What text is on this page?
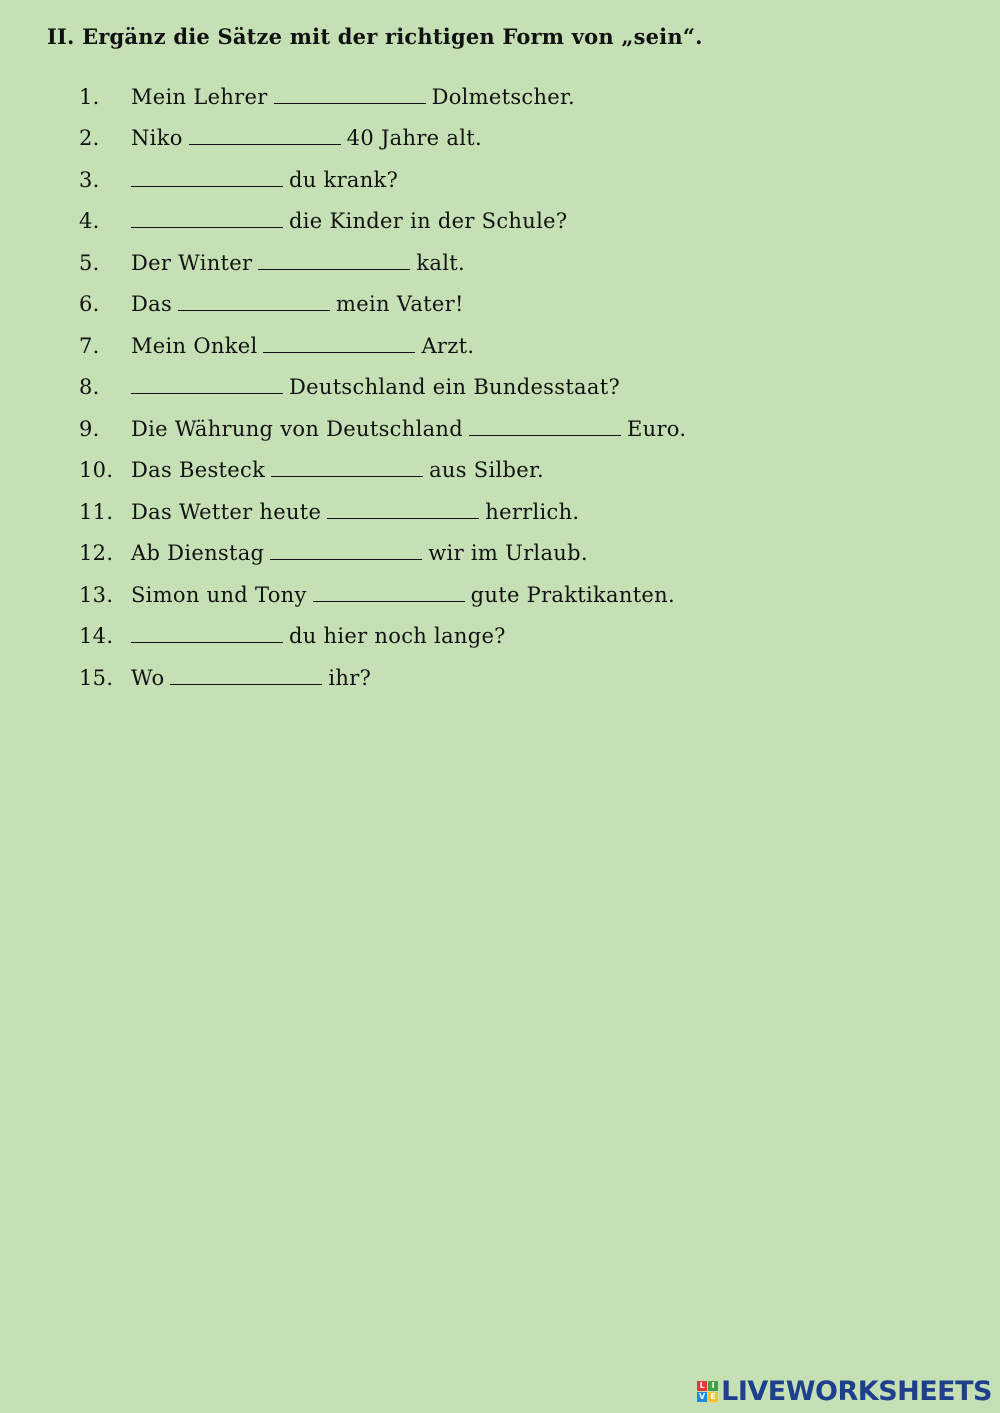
II. Ergänz die Sätze mit der richtigen Form von „sein“.
1.	Mein Lehrer	Dolmetscher.
2.	Niko	40 Jahre alt.
3.	du krank?
4.	die Kinder in der Schule?
5.	Der Winter	kalt.
6.	Das	mein Vater!
7.	Mein Onkel	Arzt.
8.	Deutschland ein Bundesstaat?
9.	Die Währung von Deutschland	Euro.
10. Das Besteck	aus Silber.
11. Das Wetter heute	herrlich.
12. Ab Dienstag	wir im Urlaub.
13. Simon und Tony	gute Praktikanten.
14.	du hier noch lange?
15. Wo	ihr?
L I
V E LIVEWORKSHEETS
